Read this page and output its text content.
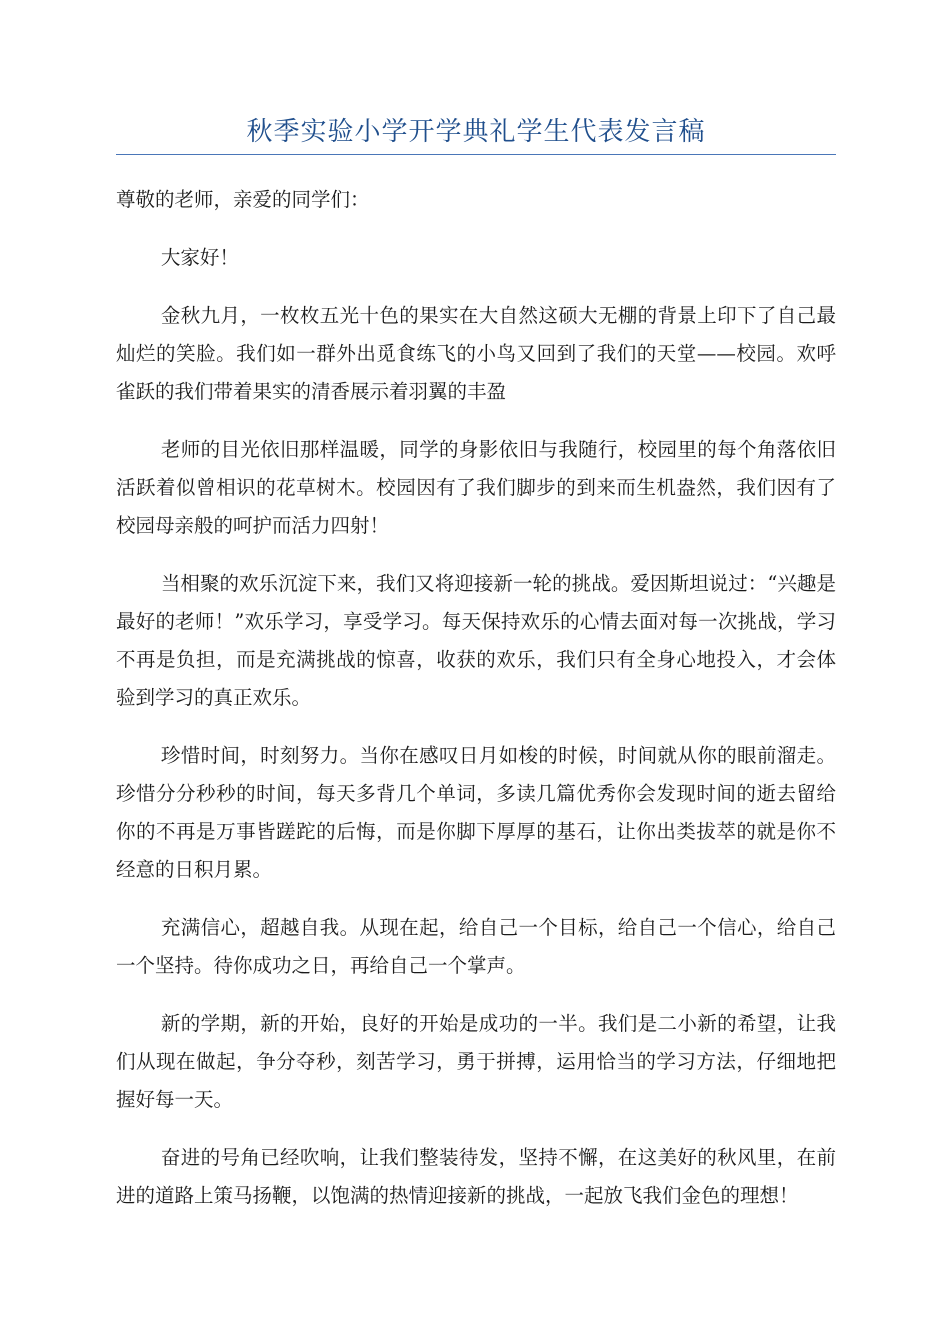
秋季实验小学开学典礼学生代表发言稿

尊敬的老师，亲爱的同学们：

大家好！

金秋九月，一枚枚五光十色的果实在大自然这硕大无棚的背景上印下了自己最灿烂的笑脸。我们如一群外出觅食练飞的小鸟又回到了我们的天堂——校园。欢呼雀跃的我们带着果实的清香展示着羽翼的丰盈

老师的目光依旧那样温暖，同学的身影依旧与我随行，校园里的每个角落依旧活跃着似曾相识的花草树木。校园因有了我们脚步的到来而生机盎然，我们因有了校园母亲般的呵护而活力四射！

当相聚的欢乐沉淀下来，我们又将迎接新一轮的挑战。爱因斯坦说过：“兴趣是最好的老师！”欢乐学习，享受学习。每天保持欢乐的心情去面对每一次挑战，学习不再是负担，而是充满挑战的惊喜，收获的欢乐，我们只有全身心地投入，才会体验到学习的真正欢乐。

珍惜时间，时刻努力。当你在感叹日月如梭的时候，时间就从你的眼前溜走。珍惜分分秒秒的时间，每天多背几个单词，多读几篇优秀你会发现时间的逝去留给你的不再是万事皆蹉跎的后悔，而是你脚下厚厚的基石，让你出类拔萃的就是你不经意的日积月累。

充满信心，超越自我。从现在起，给自己一个目标，给自己一个信心，给自己一个坚持。待你成功之日，再给自己一个掌声。

新的学期，新的开始，良好的开始是成功的一半。我们是二小新的希望，让我们从现在做起，争分夺秒，刻苦学习，勇于拼搏，运用恰当的学习方法，仔细地把握好每一天。

奋进的号角已经吹响，让我们整装待发，坚持不懈，在这美好的秋风里，在前进的道路上策马扬鞭，以饱满的热情迎接新的挑战，一起放飞我们金色的理想！
